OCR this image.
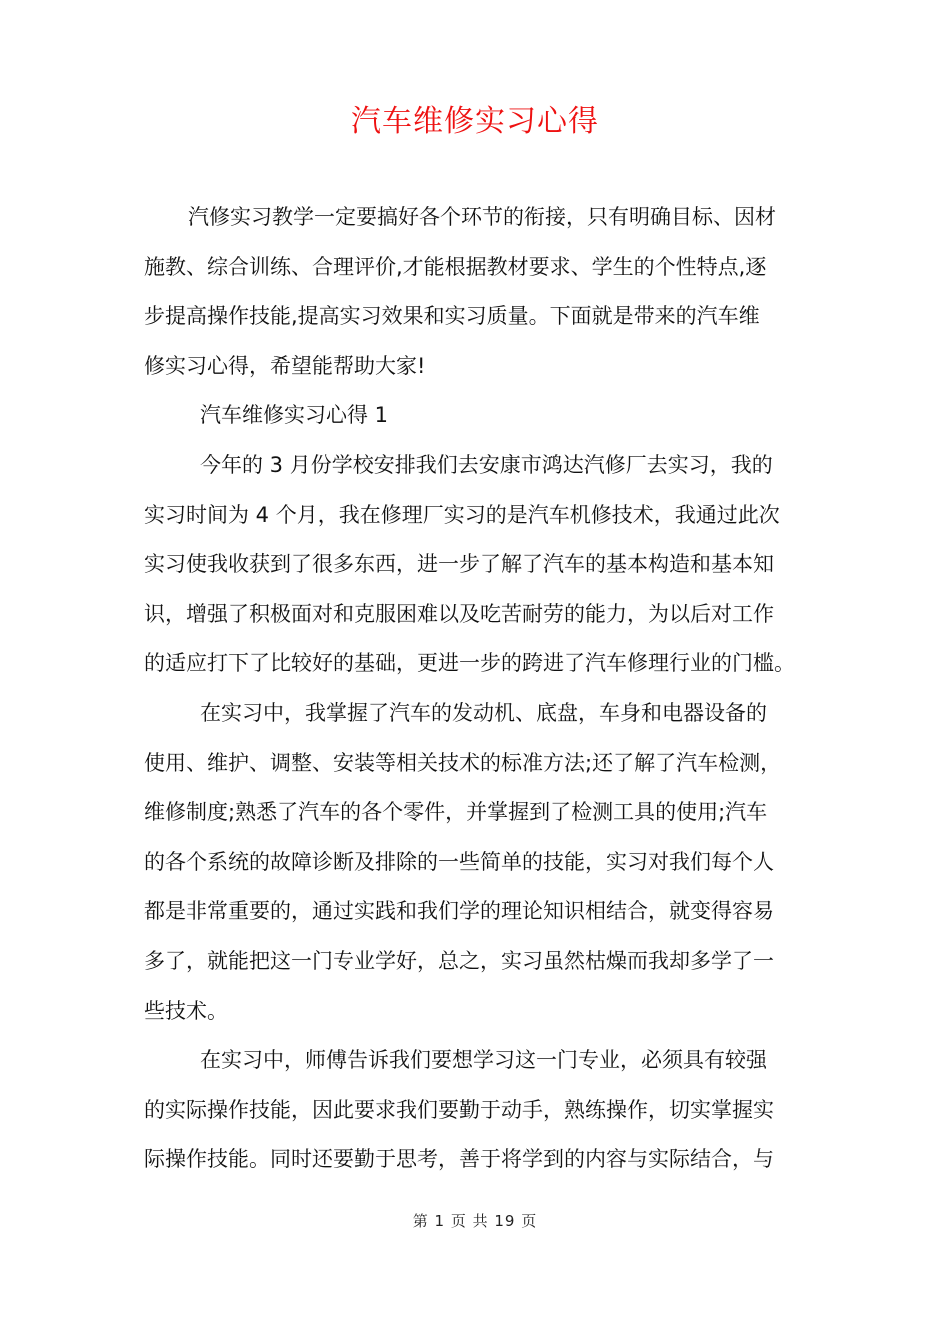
汽车维修实习心得
汽修实习教学一定要搞好各个环节的衔接，只有明确目标、因材
施教、综合训练、合理评价,才能根据教材要求、学生的个性特点,逐
步提高操作技能,提高实习效果和实习质量。下面就是带来的汽车维
修实习心得，希望能帮助大家!
汽车维修实习心得 1
今年的 3 月份学校安排我们去安康市鸿达汽修厂去实习，我的
实习时间为 4 个月，我在修理厂实习的是汽车机修技术，我通过此次
实习使我收获到了很多东西，进一步了解了汽车的基本构造和基本知
识，增强了积极面对和克服困难以及吃苦耐劳的能力，为以后对工作
的适应打下了比较好的基础，更进一步的跨进了汽车修理行业的门槛。
在实习中，我掌握了汽车的发动机、底盘，车身和电器设备的
使用、维护、调整、安装等相关技术的标准方法;还了解了汽车检测，
维修制度;熟悉了汽车的各个零件，并掌握到了检测工具的使用;汽车
的各个系统的故障诊断及排除的一些简单的技能，实习对我们每个人
都是非常重要的，通过实践和我们学的理论知识相结合，就变得容易
多了，就能把这一门专业学好，总之，实习虽然枯燥而我却多学了一
些技术。
在实习中，师傅告诉我们要想学习这一门专业，必须具有较强
的实际操作技能，因此要求我们要勤于动手，熟练操作，切实掌握实
际操作技能。同时还要勤于思考，善于将学到的内容与实际结合，与
第 1 页 共 19 页
